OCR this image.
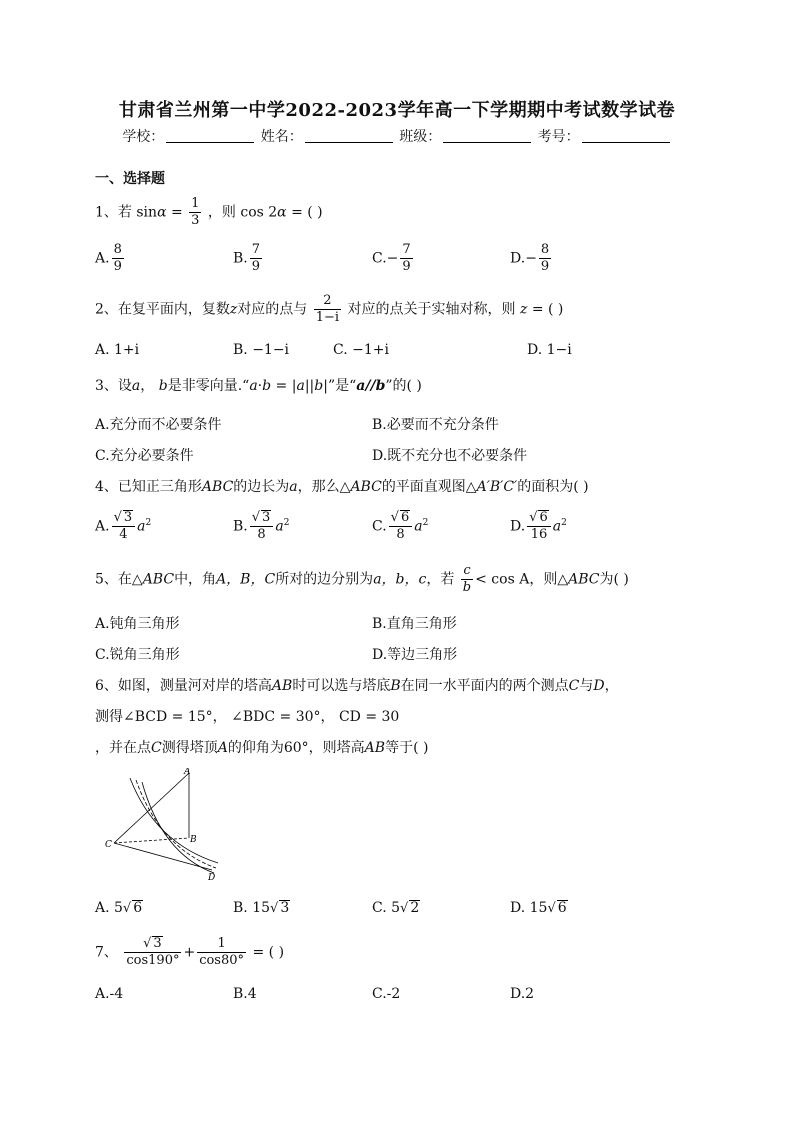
甘肃省兰州第一中学2022-2023学年高一下学期期中考试数学试卷
学校：	姓名：	班级：	考号：
一、选择题
1、若 $\sin\alpha = \frac{1}{3}$ ，则 cos 2α = ( )
A. $\frac{8}{9}$	B. $\frac{7}{9}$	$C.- \frac{7}{9}$	$D.- \frac{8}{9}$
2、在复平面内，复数z对应的点与 $\frac{2}{1-i}$ 对应的点关于实轴对称，则 z = ( )
A. 1+i	B. −1−i	C. −1+i	D. 1−i
3、设a， b是非零向量.“a·b = |a||b|”是“a//b”的( )
A.充分而不必要条件	B.必要而不充分条件
C.充分必要条件	D.既不充分也不必要条件
4、已知正三角形ABC的边长为a，那么△ABC的平面直观图△A′B′C′的面积为( )
A. $\frac{√ 3}{4} a^2$	B. $\frac{√ 3}{8} a^2$	C. $\frac{√ 6}{8} a^2$	D. $\frac{√ 6}{16} a^2$
5、在△ABC中，角A，B，C所对的边分别为a，b，c，若 $\frac{c}{b} < \cos A$，则△ABC为( )
A.钝角三角形	B.直角三角形
C.锐角三角形	D.等边三角形
6、如图，测量河对岸的塔高AB时可以选与塔底B在同一水平面内的两个测点C与D，
测得∠BCD = 15°， ∠BDC = 30°， CD = 30
，并在点C测得塔顶A的仰角为60°，则塔高AB等于( )
A
B
C
D
A. 5√ 6	B. 15√ 3	C. 5√ 2	D. 15√ 6
7、 $\frac{√ 3}{\cos 190^\circ} + \frac{1}{\cos 80^\circ}$ = ( )
A.-4	B.4	C.-2	D.2
